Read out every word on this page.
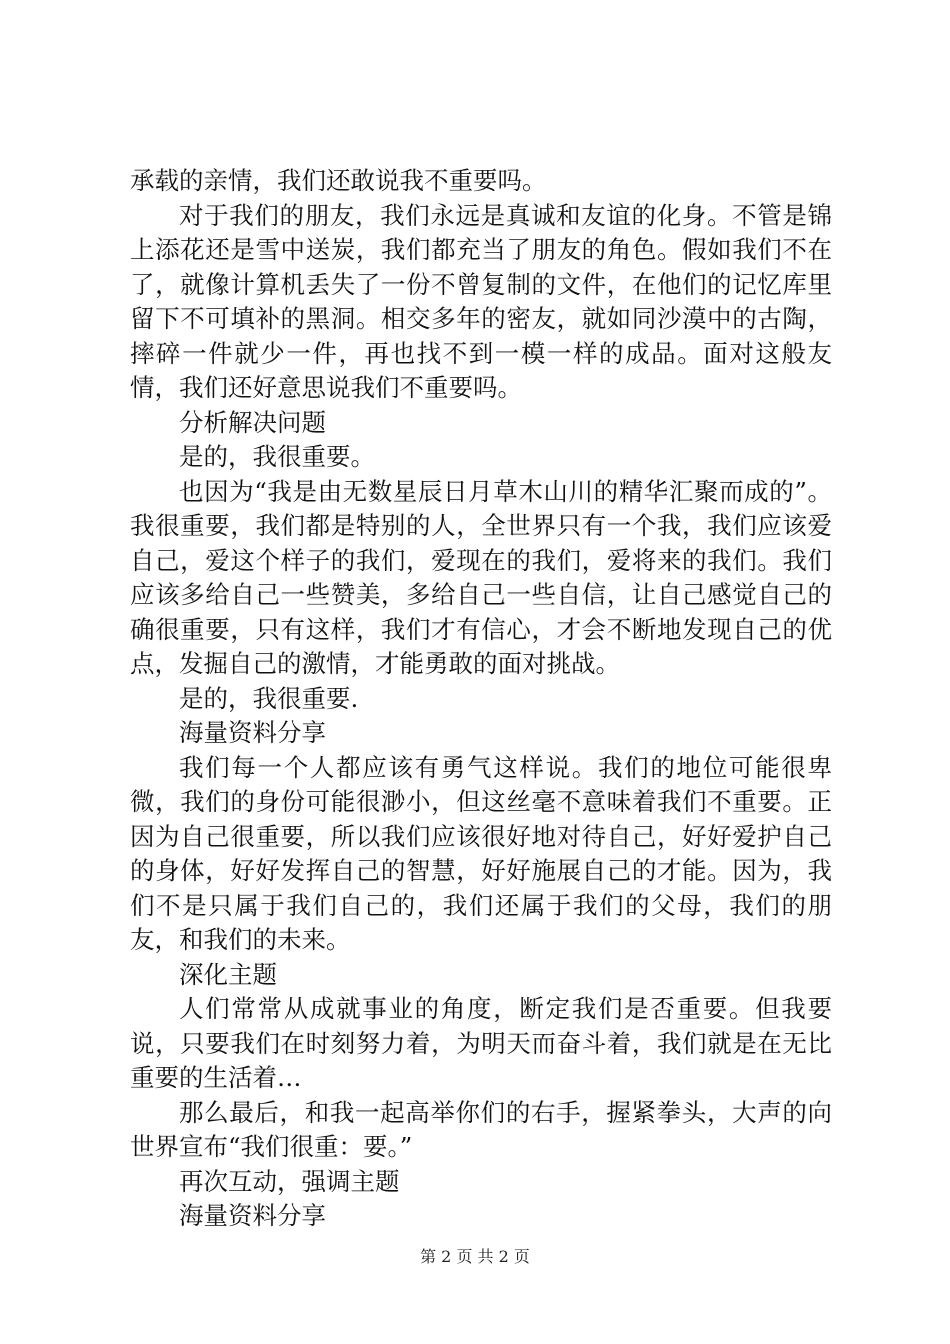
承载的亲情，我们还敢说我不重要吗。

对于我们的朋友，我们永远是真诚和友谊的化身。不管是锦上添花还是雪中送炭，我们都充当了朋友的角色。假如我们不在了，就像计算机丢失了一份不曾复制的文件，在他们的记忆库里留下不可填补的黑洞。相交多年的密友，就如同沙漠中的古陶，摔碎一件就少一件，再也找不到一模一样的成品。面对这般友情，我们还好意思说我们不重要吗。

分析解决问题

是的，我很重要。

也因为“我是由无数星辰日月草木山川的精华汇聚而成的”。我很重要，我们都是特别的人，全世界只有一个我，我们应该爱自己，爱这个样子的我们，爱现在的我们，爱将来的我们。我们应该多给自己一些赞美，多给自己一些自信，让自己感觉自己的确很重要，只有这样，我们才有信心，才会不断地发现自己的优点，发掘自己的激情，才能勇敢的面对挑战。

是的，我很重要.

海量资料分享

我们每一个人都应该有勇气这样说。我们的地位可能很卑微，我们的身份可能很渺小，但这丝毫不意味着我们不重要。正因为自己很重要，所以我们应该很好地对待自己，好好爱护自己的身体，好好发挥自己的智慧，好好施展自己的才能。因为，我们不是只属于我们自己的，我们还属于我们的父母，我们的朋友，和我们的未来。

深化主题

人们常常从成就事业的角度，断定我们是否重要。但我要说，只要我们在时刻努力着，为明天而奋斗着，我们就是在无比重要的生活着…

那么最后，和我一起高举你们的右手，握紧拳头，大声的向世界宣布“我们很重：要。”

再次互动，强调主题

海量资料分享

第 2 页 共 2 页
